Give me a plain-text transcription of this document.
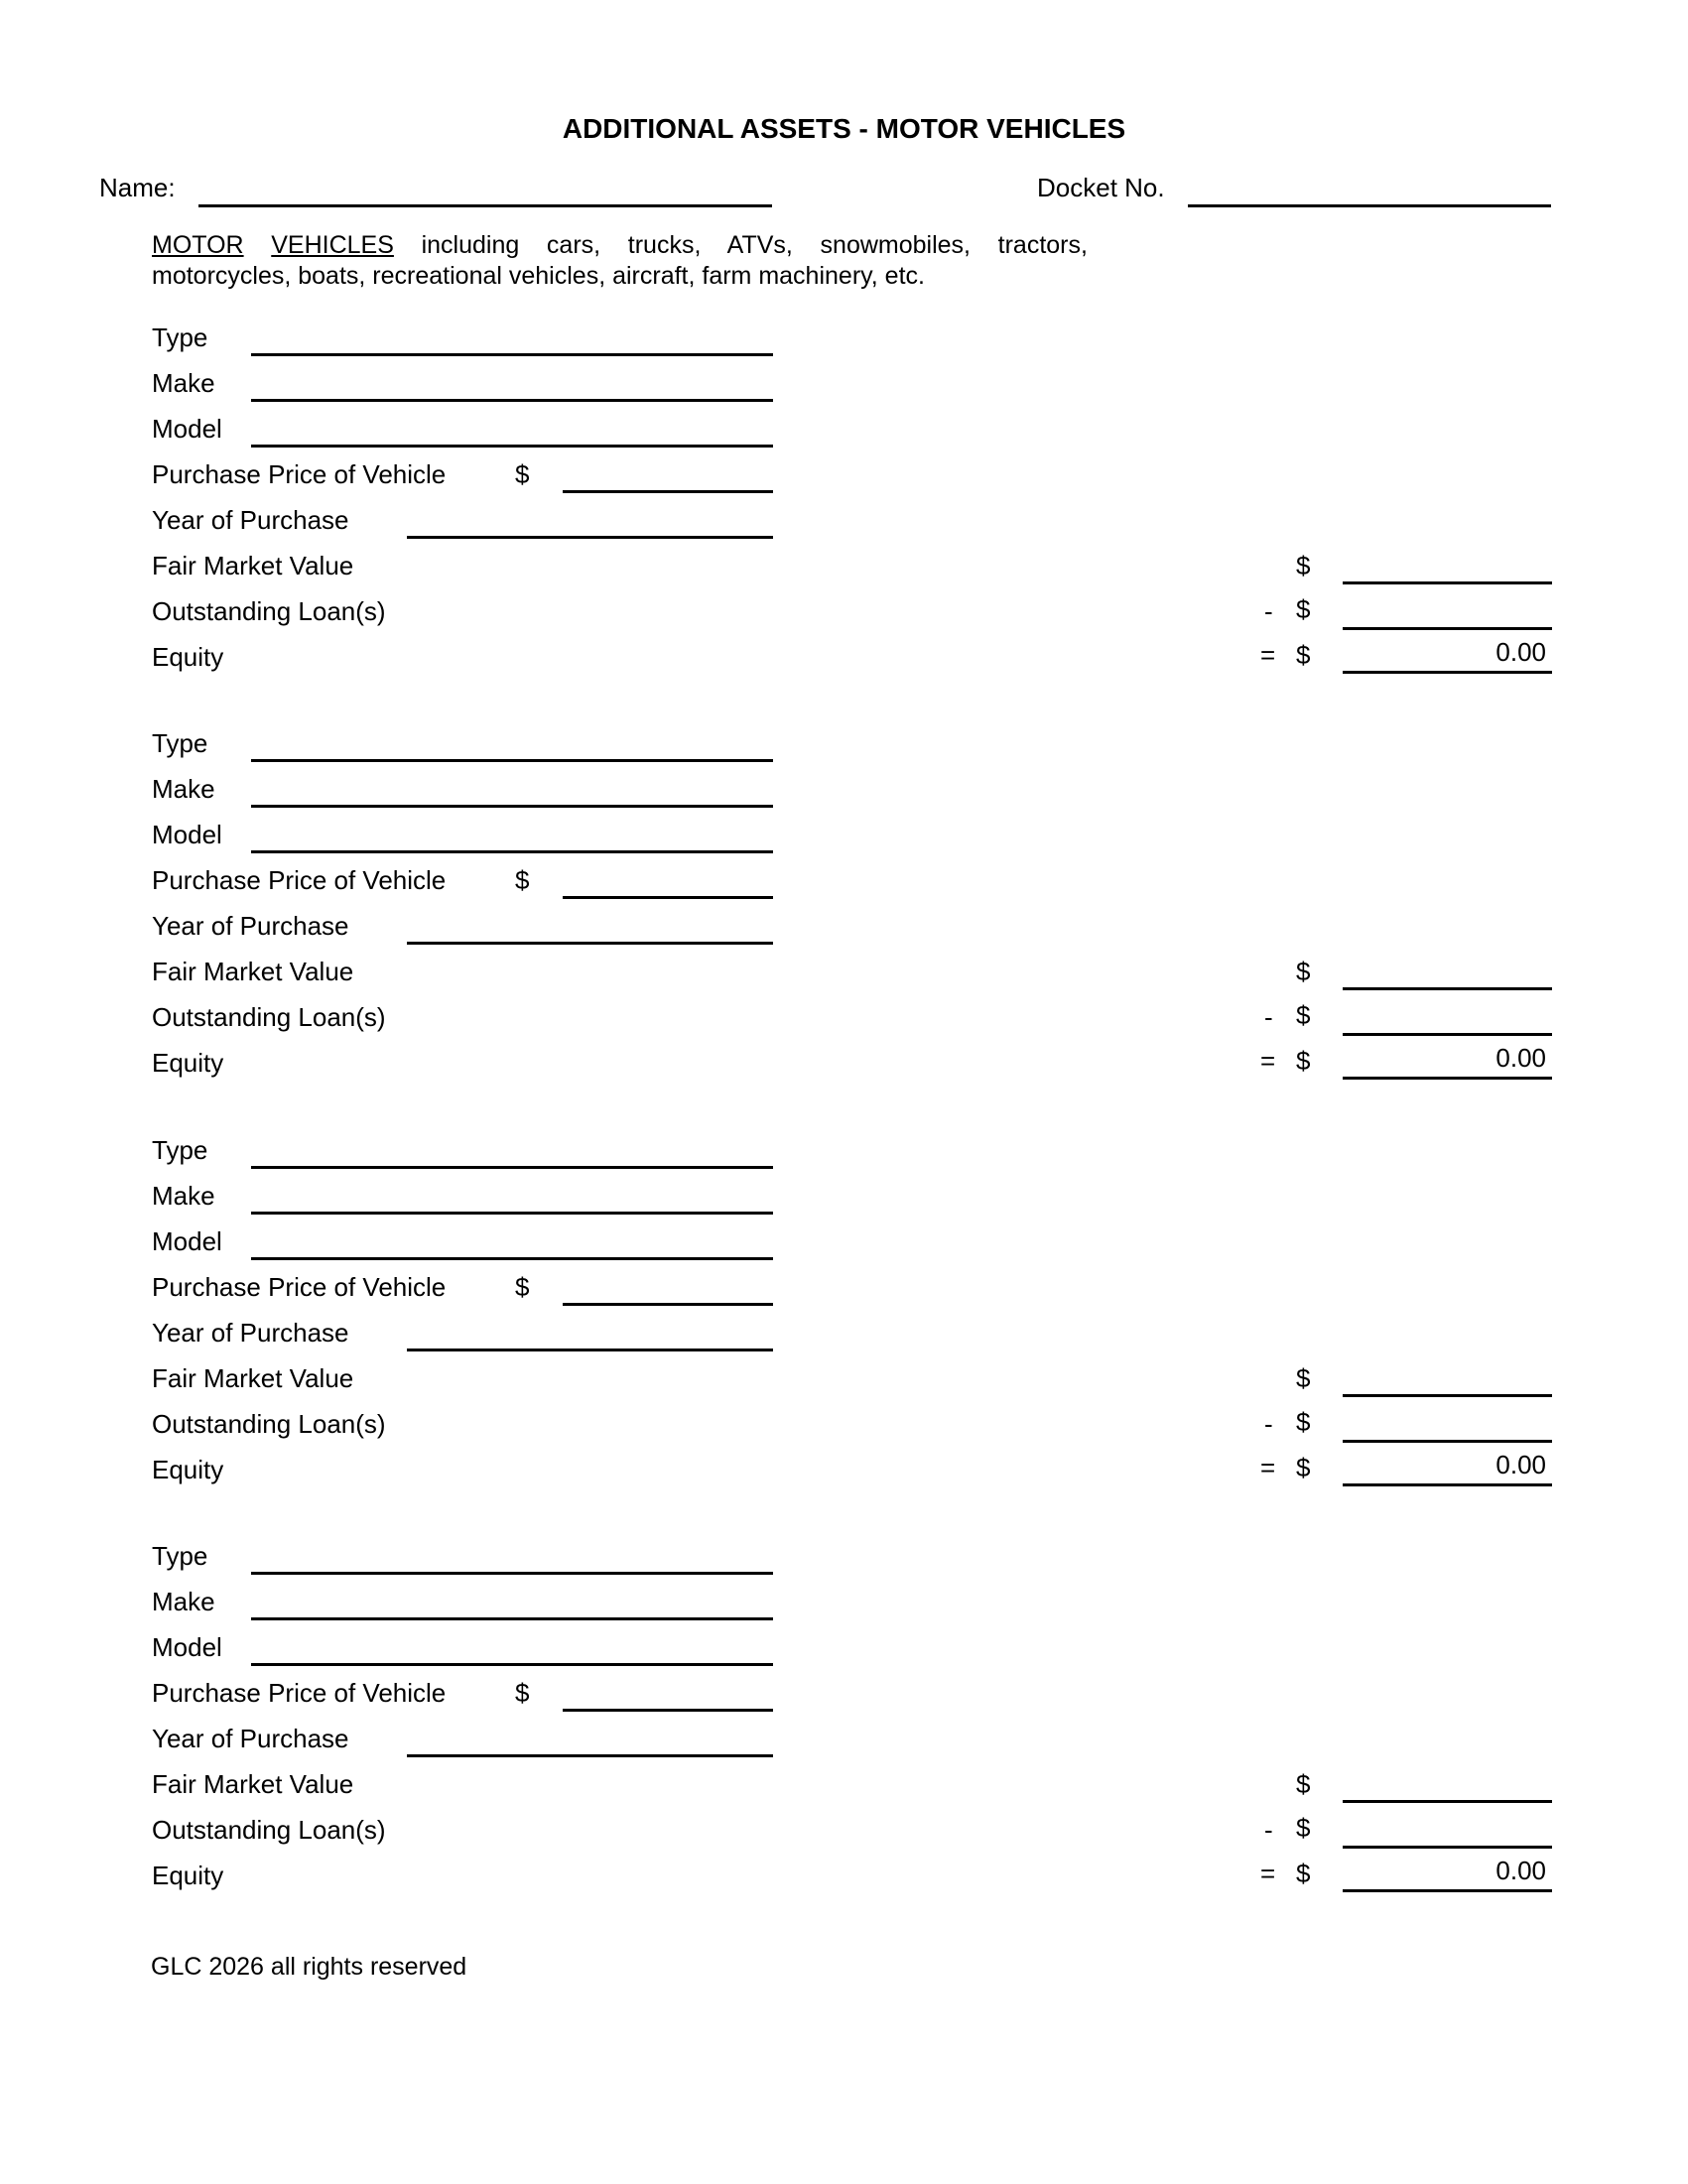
ADDITIONAL ASSETS - MOTOR VEHICLES
Name:	Docket No.
MOTOR VEHICLES including cars, trucks, ATVs, snowmobiles, tractors,
motorcycles, boats, recreational vehicles, aircraft, farm machinery, etc.
Type
Make
Model
Purchase Price of Vehicle	$
Year of Purchase
Fair Market Value	$
Outstanding Loan(s)	- $
Equity	= $	0.00
Type
Make
Model
Purchase Price of Vehicle	$
Year of Purchase
Fair Market Value	$
Outstanding Loan(s)	- $
Equity	= $	0.00
Type
Make
Model
Purchase Price of Vehicle	$
Year of Purchase
Fair Market Value	$
Outstanding Loan(s)	- $
Equity	= $	0.00
Type
Make
Model
Purchase Price of Vehicle	$
Year of Purchase
Fair Market Value	$
Outstanding Loan(s)	- $
Equity	= $	0.00
GLC 2026 all rights reserved
